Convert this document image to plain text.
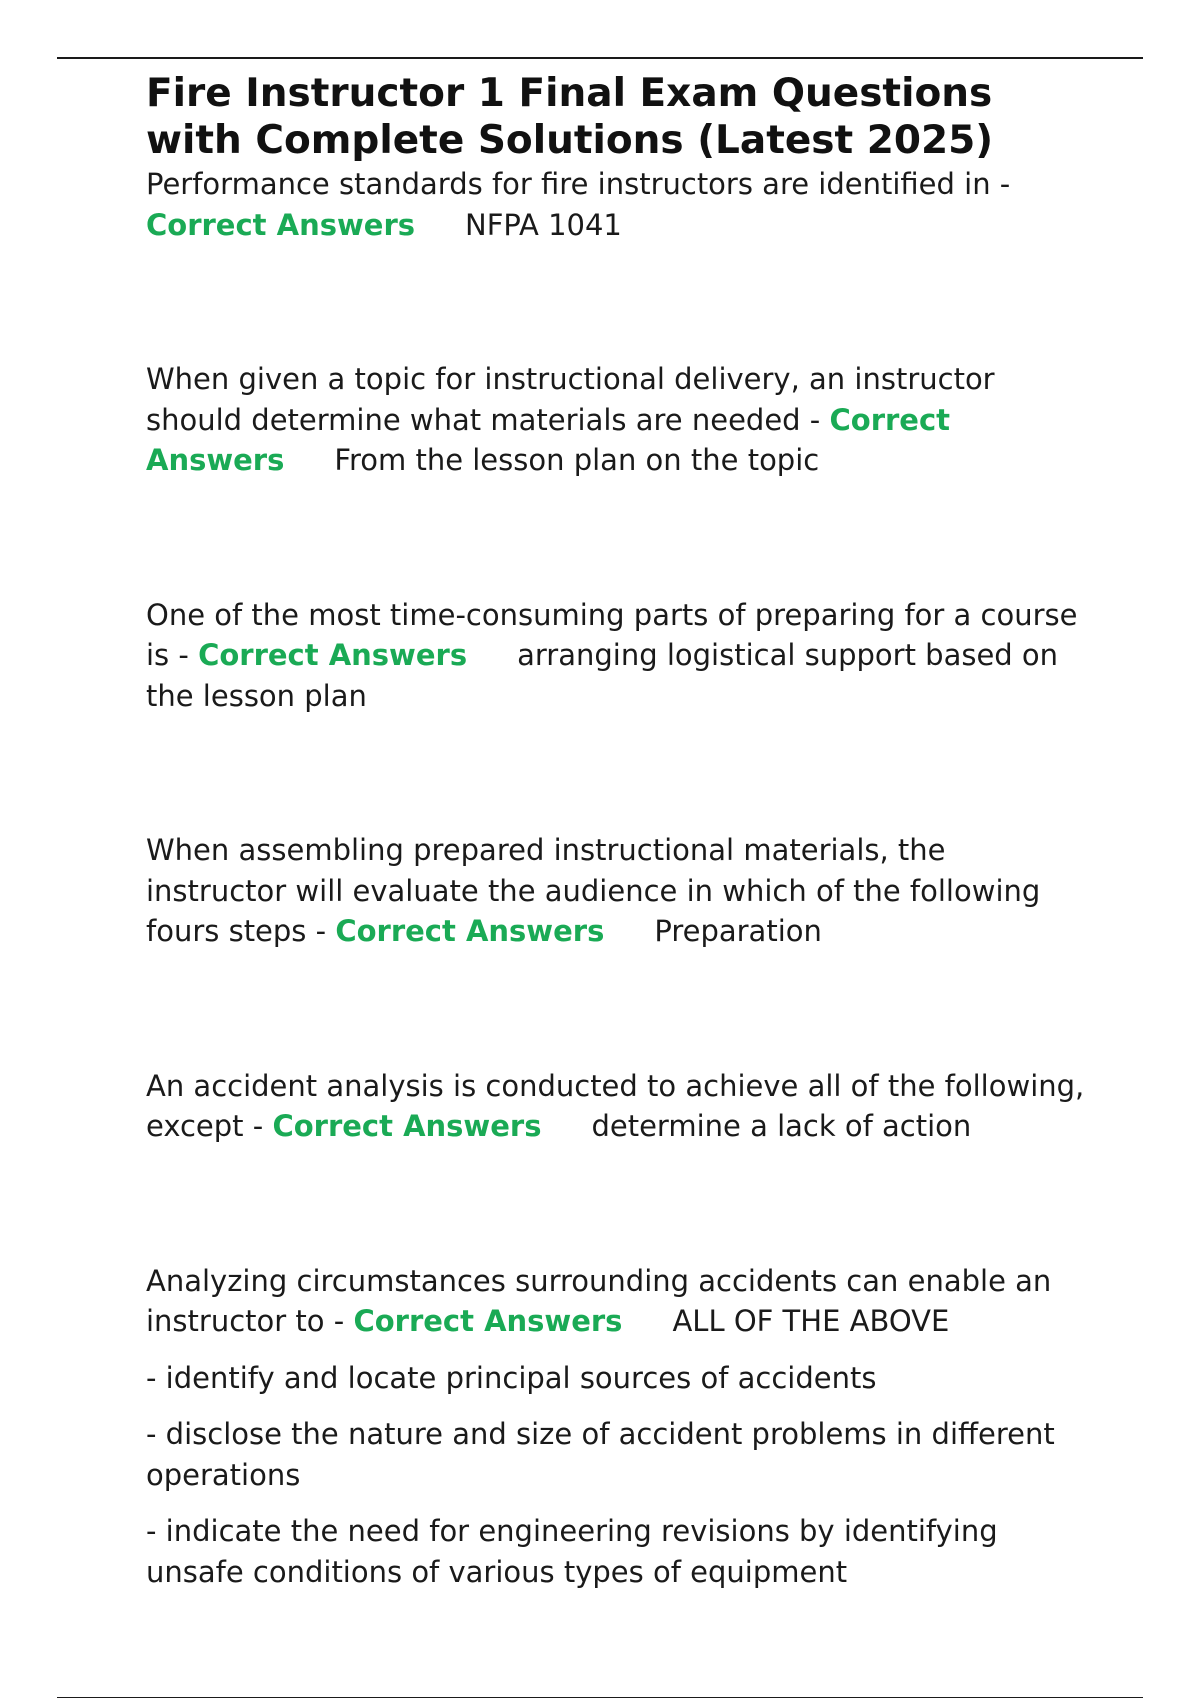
Fire Instructor 1 Final Exam Questions with Complete Solutions (Latest 2025)

Performance standards for fire instructors are identified in - Correct Answers NFPA 1041

When given a topic for instructional delivery, an instructor should determine what materials are needed - Correct Answers From the lesson plan on the topic

One of the most time-consuming parts of preparing for a course is - Correct Answers arranging logistical support based on the lesson plan

When assembling prepared instructional materials, the instructor will evaluate the audience in which of the following fours steps - Correct Answers Preparation

An accident analysis is conducted to achieve all of the following, except - Correct Answers determine a lack of action

Analyzing circumstances surrounding accidents can enable an instructor to - Correct Answers ALL OF THE ABOVE

- identify and locate principal sources of accidents

- disclose the nature and size of accident problems in different operations

- indicate the need for engineering revisions by identifying unsafe conditions of various types of equipment
